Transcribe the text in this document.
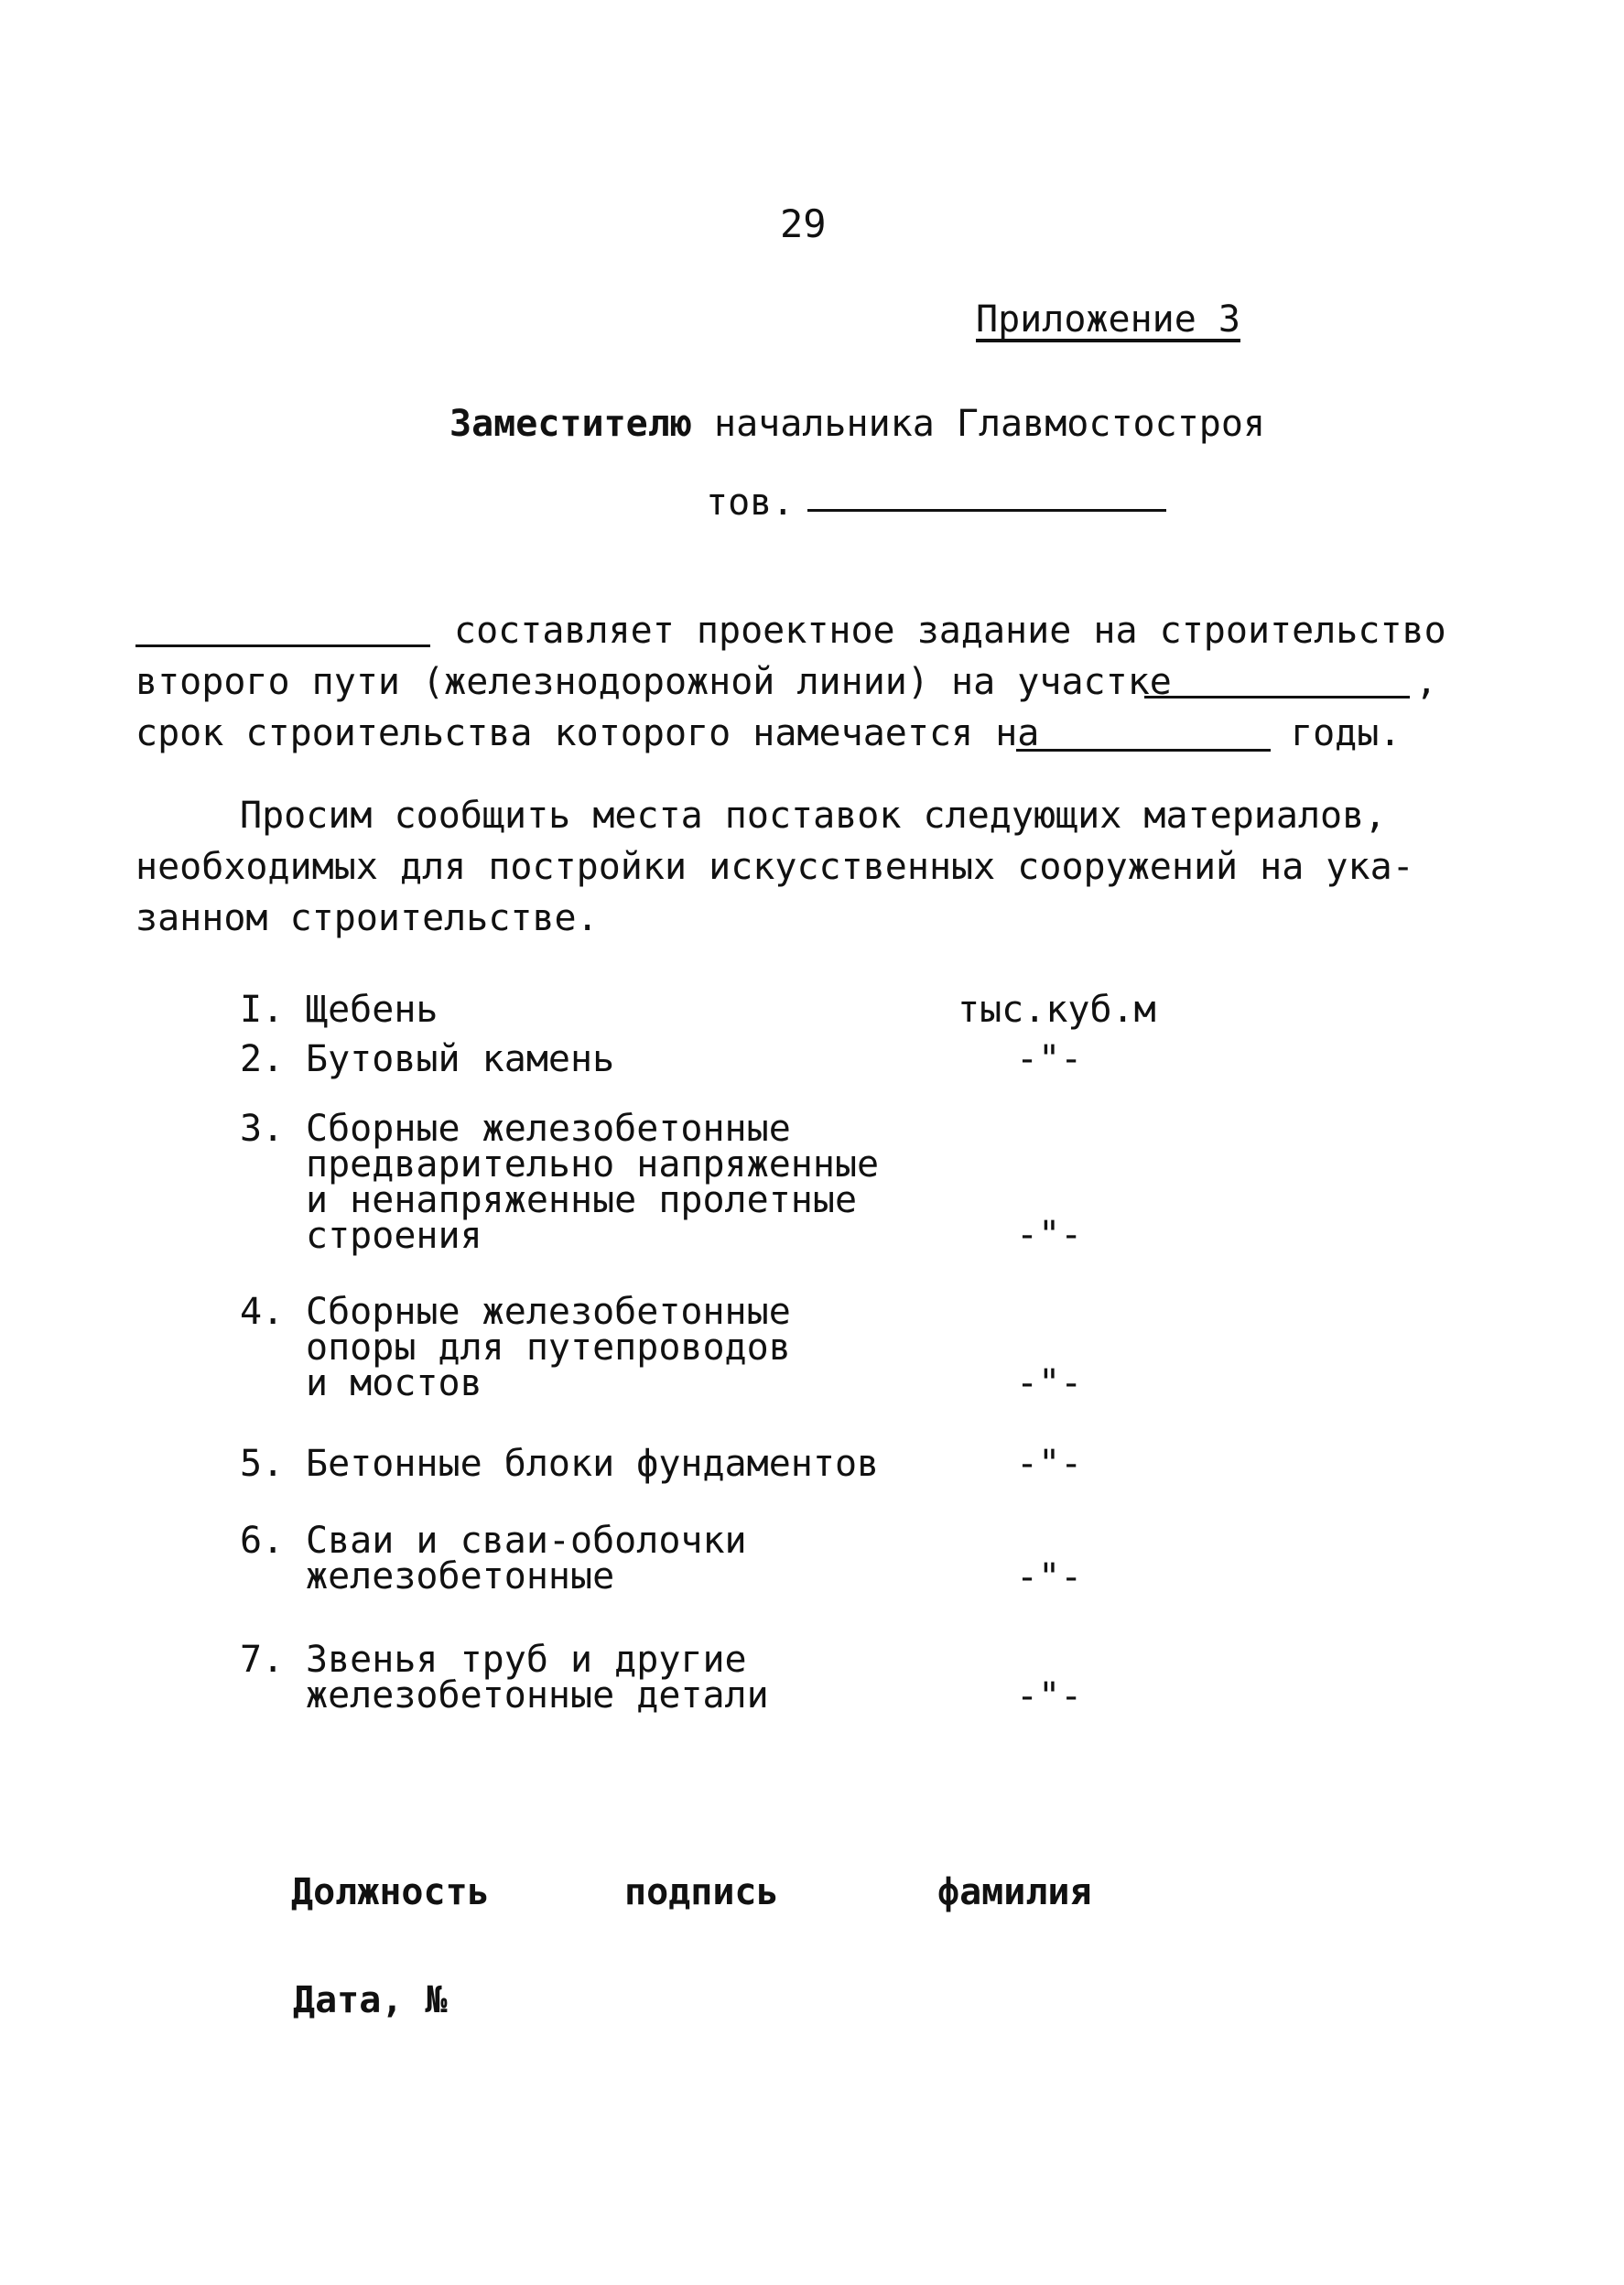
29
Приложение 3
Заместителю начальника Главмостостроя
тов.
составляет проектное задание на строительство
второго пути (железнодорожной линии) на участке	,
срок строительства которого намечается на	годы.
Просим сообщить места поставок следующих материалов,
необходимых для постройки искусственных сооружений на ука-
занном строительстве.
I. Щебень	тыс.куб.м
2. Бутовый камень	-"-
3. Сборные железобетонные
предварительно напряженные
и ненапряженные пролетные
строения	-"-
4. Сборные железобетонные
опоры для путепроводов
и мостов	-"-
5. Бетонные блоки фундаментов	-"-
6. Сваи и сваи-оболочки
железобетонные	-"-
7. Звенья труб и другие
железобетонные детали	-"-
Должность	подпись	фамилия
Дата, №
